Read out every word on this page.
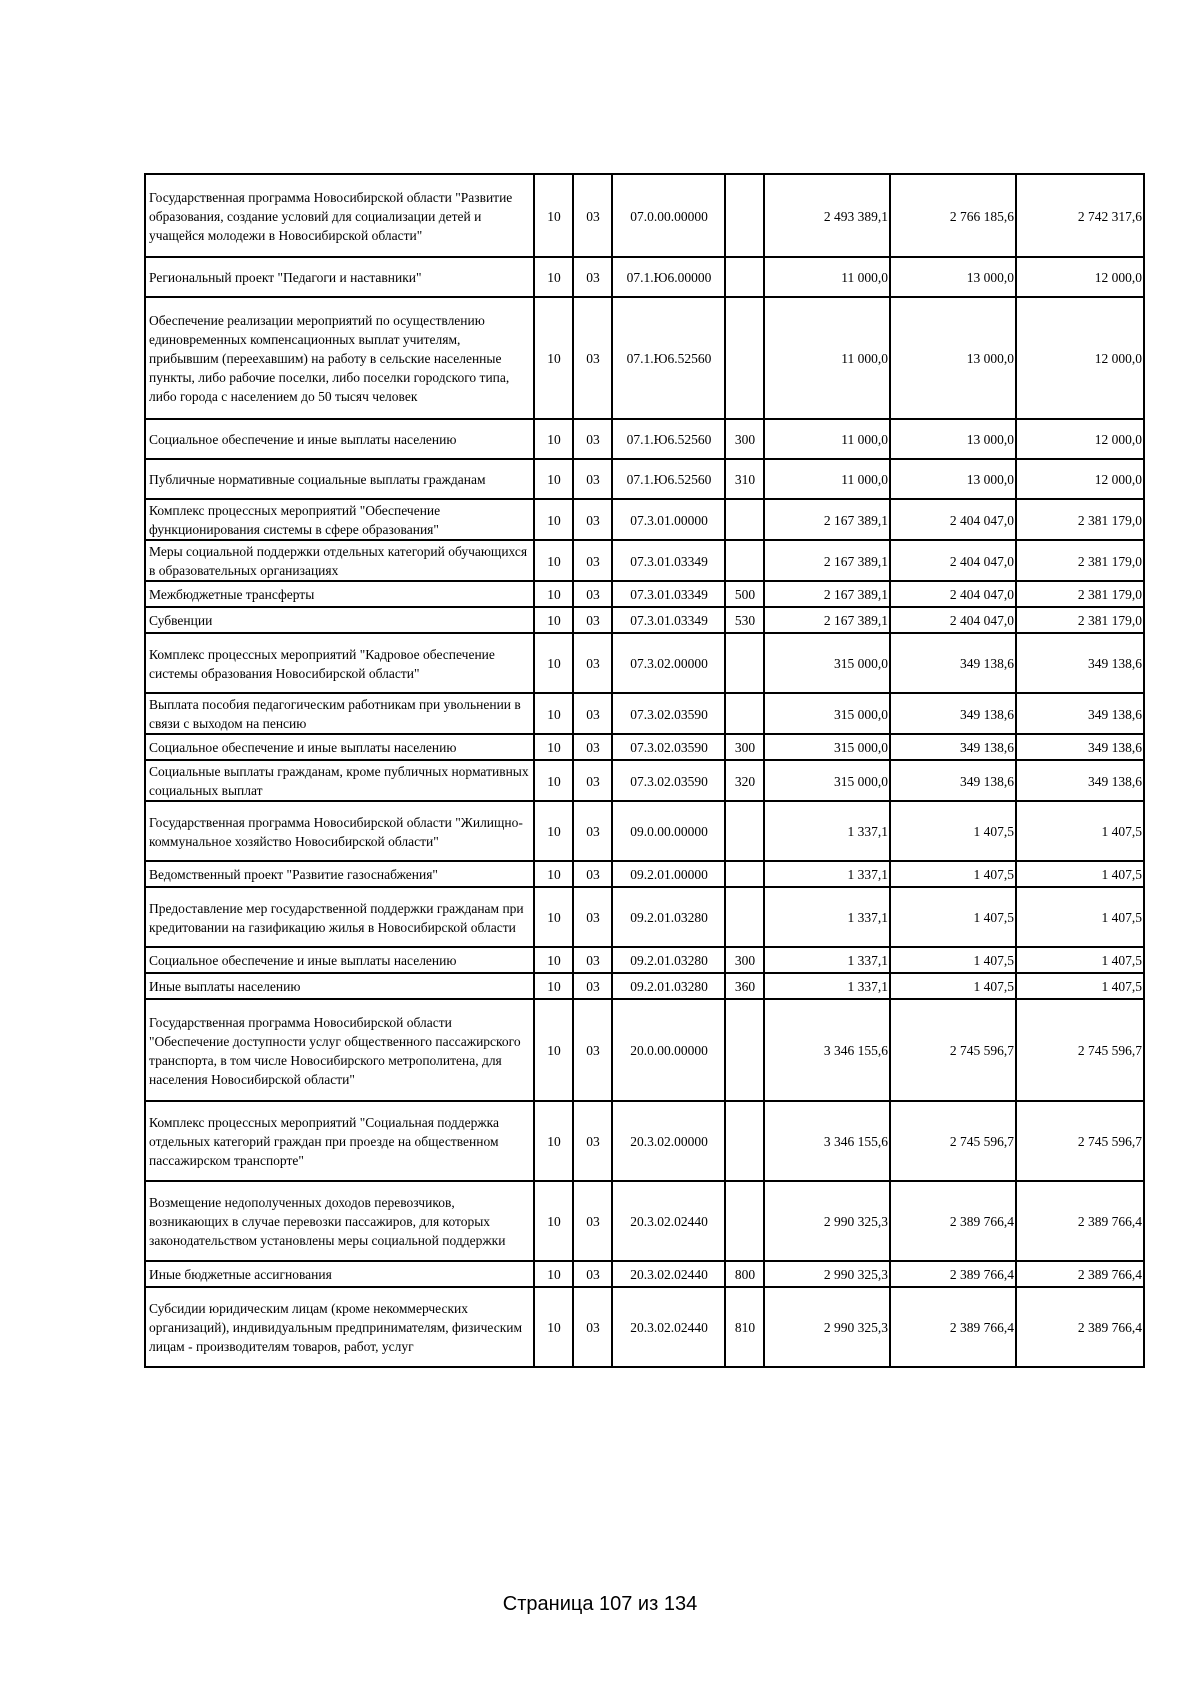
Государственная программа Новосибирской области "Развитие образования, создание условий для социализации детей и учащейся молодежи в Новосибирской области"	10	03	07.0.00.00000		2 493 389,1	2 766 185,6	2 742 317,6
Региональный проект "Педагоги и наставники"	10	03	07.1.Ю6.00000		11 000,0	13 000,0	12 000,0
Обеспечение реализации мероприятий по осуществлению единовременных компенсационных выплат учителям, прибывшим (переехавшим) на работу в сельские населенные пункты, либо рабочие поселки, либо поселки городского типа, либо города с населением до 50 тысяч человек	10	03	07.1.Ю6.52560		11 000,0	13 000,0	12 000,0
Социальное обеспечение и иные выплаты населению	10	03	07.1.Ю6.52560	300	11 000,0	13 000,0	12 000,0
Публичные нормативные социальные выплаты гражданам	10	03	07.1.Ю6.52560	310	11 000,0	13 000,0	12 000,0
Комплекс процессных мероприятий "Обеспечение функционирования системы в сфере образования"	10	03	07.3.01.00000		2 167 389,1	2 404 047,0	2 381 179,0
Меры социальной поддержки отдельных категорий обучающихся в образовательных организациях	10	03	07.3.01.03349		2 167 389,1	2 404 047,0	2 381 179,0
Межбюджетные трансферты	10	03	07.3.01.03349	500	2 167 389,1	2 404 047,0	2 381 179,0
Субвенции	10	03	07.3.01.03349	530	2 167 389,1	2 404 047,0	2 381 179,0
Комплекс процессных мероприятий "Кадровое обеспечение системы образования Новосибирской области"	10	03	07.3.02.00000		315 000,0	349 138,6	349 138,6
Выплата пособия педагогическим работникам при увольнении в связи с выходом на пенсию	10	03	07.3.02.03590		315 000,0	349 138,6	349 138,6
Социальное обеспечение и иные выплаты населению	10	03	07.3.02.03590	300	315 000,0	349 138,6	349 138,6
Социальные выплаты гражданам, кроме публичных нормативных социальных выплат	10	03	07.3.02.03590	320	315 000,0	349 138,6	349 138,6
Государственная программа Новосибирской области "Жилищно-коммунальное хозяйство Новосибирской области"	10	03	09.0.00.00000		1 337,1	1 407,5	1 407,5
Ведомственный проект "Развитие газоснабжения"	10	03	09.2.01.00000		1 337,1	1 407,5	1 407,5
Предоставление мер государственной поддержки гражданам при кредитовании на газификацию жилья в Новосибирской области	10	03	09.2.01.03280		1 337,1	1 407,5	1 407,5
Социальное обеспечение и иные выплаты населению	10	03	09.2.01.03280	300	1 337,1	1 407,5	1 407,5
Иные выплаты населению	10	03	09.2.01.03280	360	1 337,1	1 407,5	1 407,5
Государственная программа Новосибирской области "Обеспечение доступности услуг общественного пассажирского транспорта, в том числе Новосибирского метрополитена, для населения Новосибирской области"	10	03	20.0.00.00000		3 346 155,6	2 745 596,7	2 745 596,7
Комплекс процессных мероприятий "Социальная поддержка отдельных категорий граждан при проезде на общественном пассажирском транспорте"	10	03	20.3.02.00000		3 346 155,6	2 745 596,7	2 745 596,7
Возмещение недополученных доходов перевозчиков, возникающих в случае перевозки пассажиров, для которых законодательством установлены меры социальной поддержки	10	03	20.3.02.02440		2 990 325,3	2 389 766,4	2 389 766,4
Иные бюджетные ассигнования	10	03	20.3.02.02440	800	2 990 325,3	2 389 766,4	2 389 766,4
Субсидии юридическим лицам (кроме некоммерческих организаций), индивидуальным предпринимателям, физическим лицам - производителям товаров, работ, услуг	10	03	20.3.02.02440	810	2 990 325,3	2 389 766,4	2 389 766,4
Страница 107 из 134
